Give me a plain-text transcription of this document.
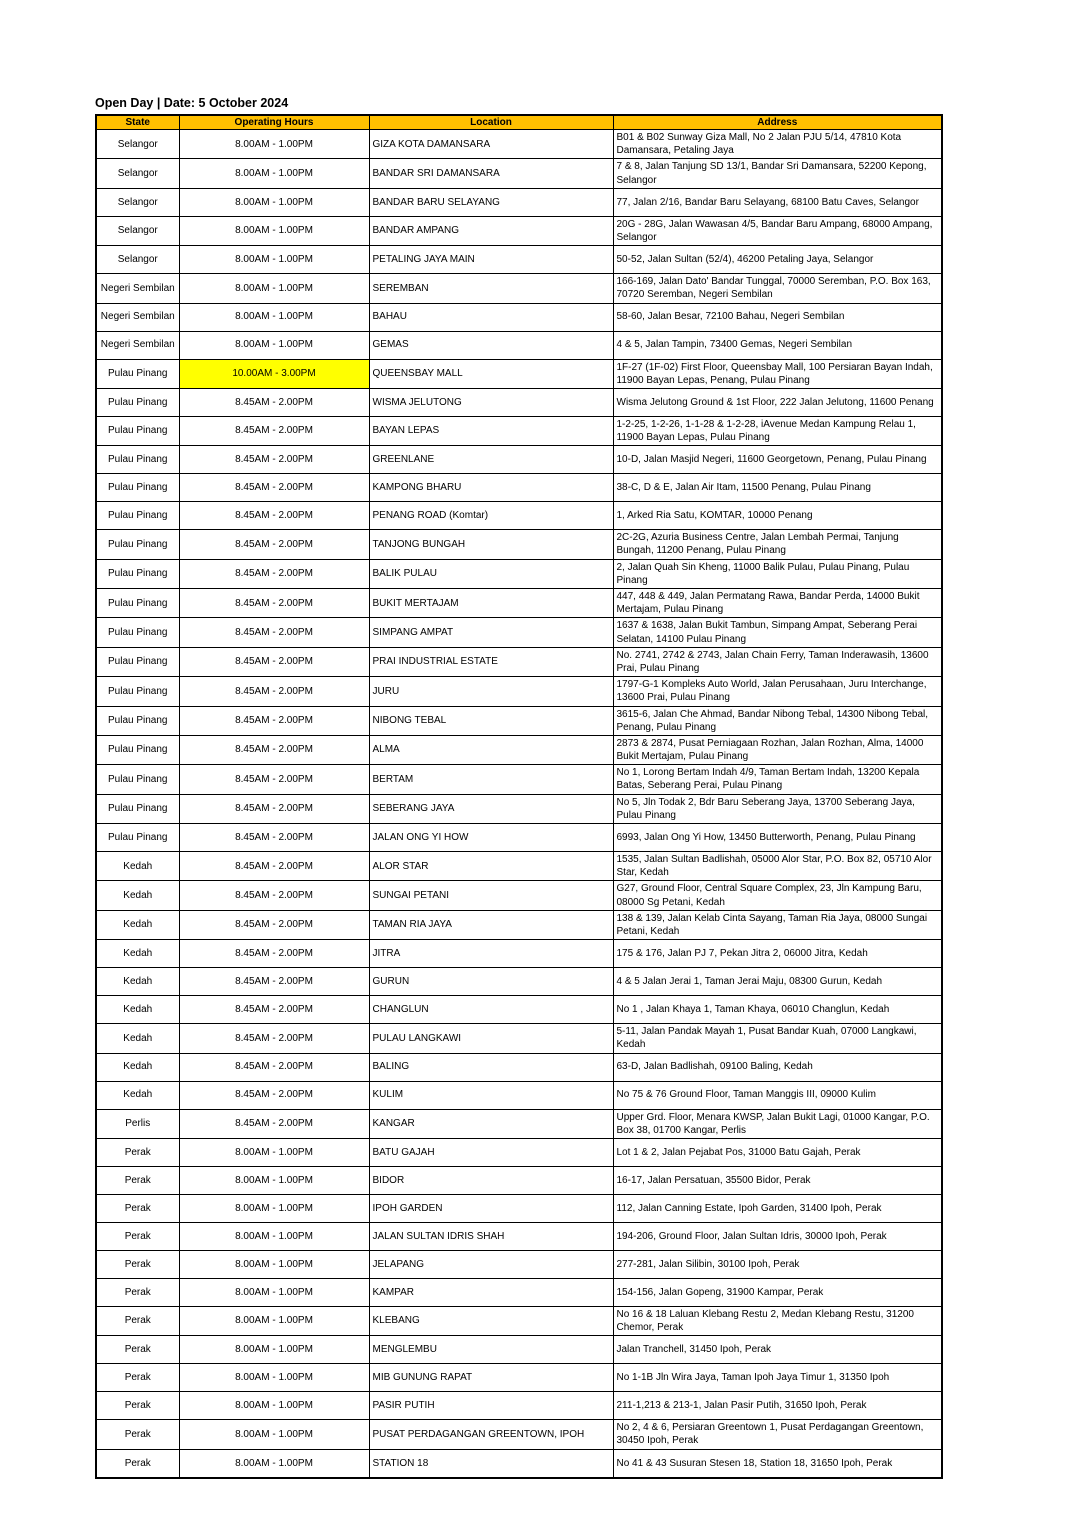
Open Day | Date: 5 October 2024
State	Operating Hours	Location	Address
Selangor	8.00AM - 1.00PM	GIZA KOTA DAMANSARA	B01 & B02 Sunway Giza Mall, No 2 Jalan PJU 5/14, 47810 Kota Damansara, Petaling Jaya
Selangor	8.00AM - 1.00PM	BANDAR SRI DAMANSARA	7 & 8, Jalan Tanjung SD 13/1, Bandar Sri Damansara, 52200 Kepong, Selangor
Selangor	8.00AM - 1.00PM	BANDAR BARU SELAYANG	77, Jalan 2/16, Bandar Baru Selayang, 68100 Batu Caves, Selangor
Selangor	8.00AM - 1.00PM	BANDAR AMPANG	20G - 28G, Jalan Wawasan 4/5, Bandar Baru Ampang, 68000 Ampang, Selangor
Selangor	8.00AM - 1.00PM	PETALING JAYA MAIN	50-52, Jalan Sultan (52/4), 46200 Petaling Jaya, Selangor
Negeri Sembilan	8.00AM - 1.00PM	SEREMBAN	166-169, Jalan Dato' Bandar Tunggal, 70000 Seremban, P.O. Box 163, 70720 Seremban, Negeri Sembilan
Negeri Sembilan	8.00AM - 1.00PM	BAHAU	58-60, Jalan Besar, 72100 Bahau, Negeri Sembilan
Negeri Sembilan	8.00AM - 1.00PM	GEMAS	4 & 5, Jalan Tampin, 73400 Gemas, Negeri Sembilan
Pulau Pinang	10.00AM - 3.00PM	QUEENSBAY MALL	1F-27 (1F-02) First Floor, Queensbay Mall, 100 Persiaran Bayan Indah, 11900 Bayan Lepas, Penang, Pulau Pinang
Pulau Pinang	8.45AM - 2.00PM	WISMA JELUTONG	Wisma Jelutong Ground & 1st Floor, 222 Jalan Jelutong, 11600 Penang
Pulau Pinang	8.45AM - 2.00PM	BAYAN LEPAS	1-2-25, 1-2-26, 1-1-28 & 1-2-28, iAvenue Medan Kampung Relau 1, 11900 Bayan Lepas, Pulau Pinang
Pulau Pinang	8.45AM - 2.00PM	GREENLANE	10-D, Jalan Masjid Negeri, 11600 Georgetown, Penang, Pulau Pinang
Pulau Pinang	8.45AM - 2.00PM	KAMPONG BHARU	38-C, D & E, Jalan Air Itam, 11500 Penang, Pulau Pinang
Pulau Pinang	8.45AM - 2.00PM	PENANG ROAD (Komtar)	1, Arked Ria Satu, KOMTAR, 10000 Penang
Pulau Pinang	8.45AM - 2.00PM	TANJONG BUNGAH	2C-2G, Azuria Business Centre, Jalan Lembah Permai, Tanjung Bungah, 11200 Penang, Pulau Pinang
Pulau Pinang	8.45AM - 2.00PM	BALIK PULAU	2, Jalan Quah Sin Kheng, 11000 Balik Pulau, Pulau Pinang, Pulau Pinang
Pulau Pinang	8.45AM - 2.00PM	BUKIT MERTAJAM	447, 448 & 449, Jalan Permatang Rawa, Bandar Perda, 14000 Bukit Mertajam, Pulau Pinang
Pulau Pinang	8.45AM - 2.00PM	SIMPANG AMPAT	1637 & 1638, Jalan Bukit Tambun, Simpang Ampat, Seberang Perai Selatan, 14100 Pulau Pinang
Pulau Pinang	8.45AM - 2.00PM	PRAI INDUSTRIAL ESTATE	No. 2741, 2742 & 2743, Jalan Chain Ferry, Taman Inderawasih, 13600 Prai, Pulau Pinang
Pulau Pinang	8.45AM - 2.00PM	JURU	1797-G-1 Kompleks Auto World, Jalan Perusahaan, Juru Interchange, 13600 Prai, Pulau Pinang
Pulau Pinang	8.45AM - 2.00PM	NIBONG TEBAL	3615-6, Jalan Che Ahmad, Bandar Nibong Tebal, 14300 Nibong Tebal, Penang, Pulau Pinang
Pulau Pinang	8.45AM - 2.00PM	ALMA	2873 & 2874, Pusat Perniagaan Rozhan, Jalan Rozhan, Alma, 14000 Bukit Mertajam, Pulau Pinang
Pulau Pinang	8.45AM - 2.00PM	BERTAM	No 1, Lorong Bertam Indah 4/9, Taman Bertam Indah, 13200 Kepala Batas, Seberang Perai, Pulau Pinang
Pulau Pinang	8.45AM - 2.00PM	SEBERANG JAYA	No 5, Jln Todak 2, Bdr Baru Seberang Jaya, 13700 Seberang Jaya, Pulau Pinang
Pulau Pinang	8.45AM - 2.00PM	JALAN ONG YI HOW	6993, Jalan Ong Yi How, 13450 Butterworth, Penang, Pulau Pinang
Kedah	8.45AM - 2.00PM	ALOR STAR	1535, Jalan Sultan Badlishah, 05000 Alor Star, P.O. Box 82, 05710 Alor Star, Kedah
Kedah	8.45AM - 2.00PM	SUNGAI PETANI	G27, Ground Floor, Central Square Complex, 23, Jln Kampung Baru, 08000 Sg Petani, Kedah
Kedah	8.45AM - 2.00PM	TAMAN RIA JAYA	138 & 139, Jalan Kelab Cinta Sayang, Taman Ria Jaya, 08000 Sungai Petani, Kedah
Kedah	8.45AM - 2.00PM	JITRA	175 & 176, Jalan PJ 7, Pekan Jitra 2, 06000 Jitra, Kedah
Kedah	8.45AM - 2.00PM	GURUN	4 & 5 Jalan Jerai 1, Taman Jerai Maju, 08300 Gurun, Kedah
Kedah	8.45AM - 2.00PM	CHANGLUN	No 1 , Jalan Khaya 1, Taman Khaya, 06010 Changlun, Kedah
Kedah	8.45AM - 2.00PM	PULAU LANGKAWI	5-11, Jalan Pandak Mayah 1, Pusat Bandar Kuah, 07000 Langkawi, Kedah
Kedah	8.45AM - 2.00PM	BALING	63-D, Jalan Badlishah, 09100 Baling, Kedah
Kedah	8.45AM - 2.00PM	KULIM	No 75 & 76 Ground Floor, Taman Manggis III, 09000 Kulim
Perlis	8.45AM - 2.00PM	KANGAR	Upper Grd. Floor, Menara KWSP, Jalan Bukit Lagi, 01000 Kangar, P.O. Box 38, 01700 Kangar, Perlis
Perak	8.00AM - 1.00PM	BATU GAJAH	Lot 1 & 2, Jalan Pejabat Pos, 31000 Batu Gajah, Perak
Perak	8.00AM - 1.00PM	BIDOR	16-17, Jalan Persatuan, 35500 Bidor, Perak
Perak	8.00AM - 1.00PM	IPOH GARDEN	112, Jalan Canning Estate, Ipoh Garden, 31400 Ipoh, Perak
Perak	8.00AM - 1.00PM	JALAN SULTAN IDRIS SHAH	194-206, Ground Floor, Jalan Sultan Idris, 30000 Ipoh, Perak
Perak	8.00AM - 1.00PM	JELAPANG	277-281, Jalan Silibin, 30100 Ipoh, Perak
Perak	8.00AM - 1.00PM	KAMPAR	154-156, Jalan Gopeng, 31900 Kampar, Perak
Perak	8.00AM - 1.00PM	KLEBANG	No 16 & 18 Laluan Klebang Restu 2, Medan Klebang Restu, 31200 Chemor, Perak
Perak	8.00AM - 1.00PM	MENGLEMBU	Jalan Tranchell, 31450 Ipoh, Perak
Perak	8.00AM - 1.00PM	MIB GUNUNG RAPAT	No 1-1B Jln Wira Jaya, Taman Ipoh Jaya Timur 1, 31350 Ipoh
Perak	8.00AM - 1.00PM	PASIR PUTIH	211-1,213 & 213-1, Jalan Pasir Putih, 31650 Ipoh, Perak
Perak	8.00AM - 1.00PM	PUSAT PERDAGANGAN GREENTOWN, IPOH	No 2, 4 & 6, Persiaran Greentown 1, Pusat Perdagangan Greentown, 30450 Ipoh, Perak
Perak	8.00AM - 1.00PM	STATION 18	No 41 & 43 Susuran Stesen 18, Station 18, 31650 Ipoh, Perak
